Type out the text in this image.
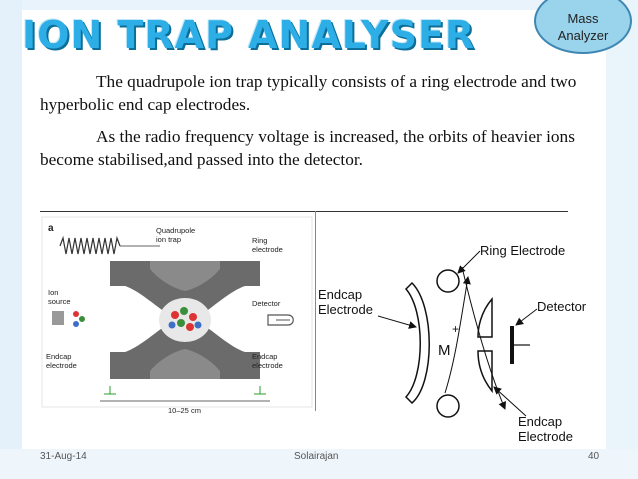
ION TRAP ANALYSER	Mass
Analyzer

The quadrupole ion trap typically consists of a ring electrode and two hyperbolic end cap electrodes.

As the radio frequency voltage is increased, the orbits of heavier ions become stabilised,and passed into the detector.

a	Quadrupole
ion trap	Ring
electrode
Ion
source	Detector
Endcap
electrode
Endcap
electrode
10–25 cm
Ring Electrode
Endcap
Electrode	Detector
M
+
Endcap
Electrode
31-Aug-14	Solairajan	40
